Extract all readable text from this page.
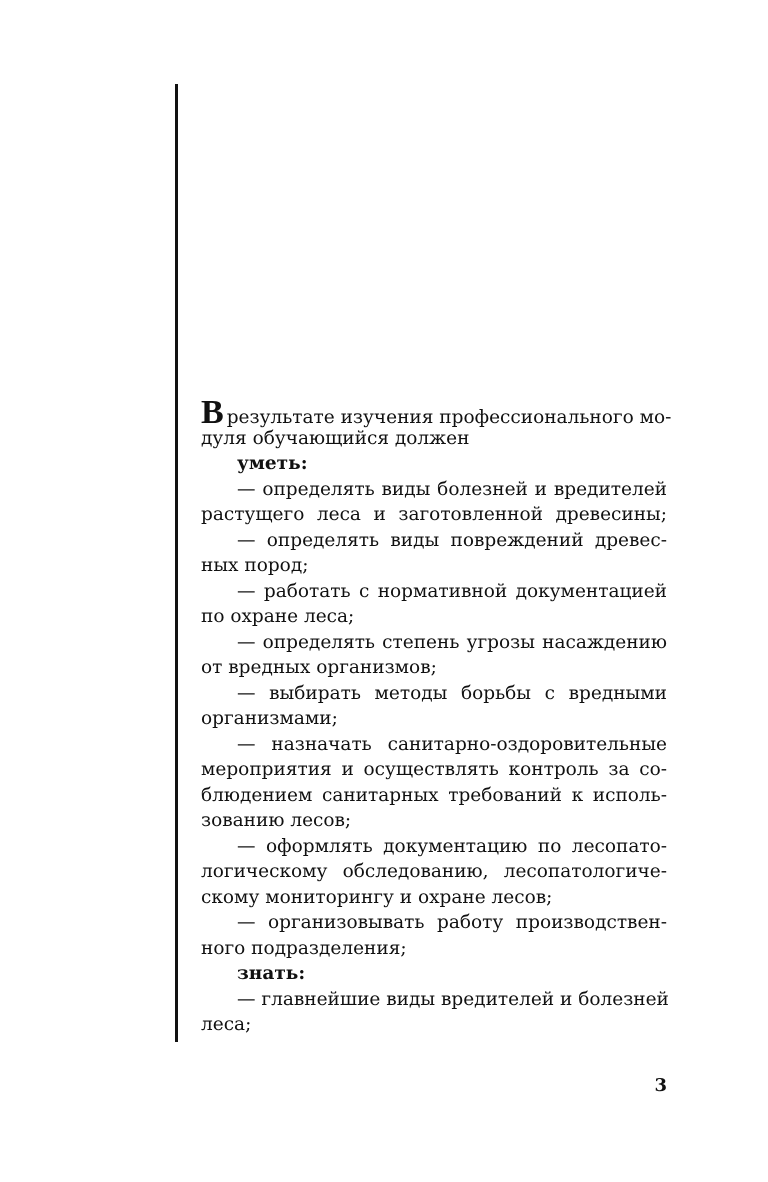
Врезультате изучения профессионального мо-
дуля обучающийся должен
уметь:
— определять виды болезней и вредителей
растущего леса и заготовленной древесины;
— определять виды повреждений древес-
ных пород;
— работать с нормативной документацией
по охране леса;
— определять степень угрозы насаждению
от вредных организмов;
— выбирать методы борьбы с вредными
организмами;
— назначать санитарно-оздоровительные
мероприятия и осуществлять контроль за со-
блюдением санитарных требований к исполь-
зованию лесов;
— оформлять документацию по лесопато-
логическому обследованию, лесопатологиче-
скому мониторингу и охране лесов;
— организовывать работу производствен-
ного подразделения;
знать:
— главнейшие виды вредителей и болезней
леса;
3
